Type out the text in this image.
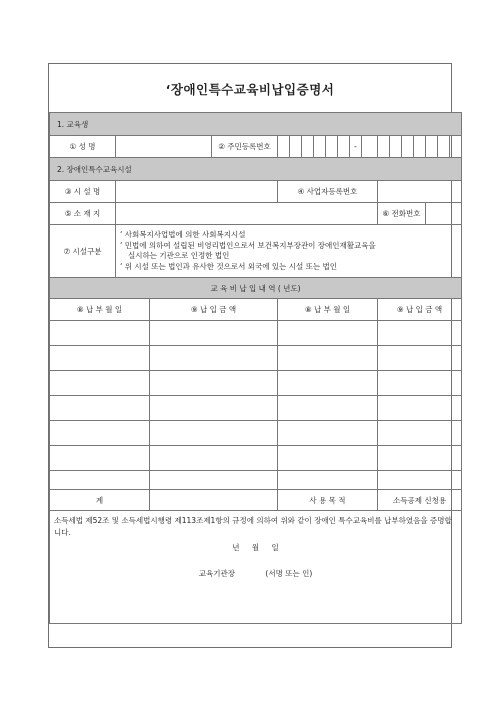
‘장애인특수교육비납입증명서
1. 교육생																		
① 성 명			② 주민등록번호							-								
2. 장애인특수교육시설																		
③ 시 설 명				④ 사업자등록번호														
⑤ 소 재 지												⑥ 전화번호						
⑦ 시설구분	‘ 사회복지사업법에 의한 사회복지시설
‘ 민법에 의하여 설립된 비영리법인으로서 보건복지부장관이 장애인재활교육을
실시하는 기관으로 인정한 법인
‘ 위 시설 또는 법인과 유사한 것으로서 외국에 있는 시설 또는 법인																	

교 육 비 납 입 내 역 ( 년도)																		
⑧ 납 부 월 일		⑨ 납 입 금 액		⑧ 납 부 월 일								⑨ 납 입 금 액						

계				사 용 목 적								소득공제 신청용						

소득세법 제52조 및 소득세법시행령 제113조제1항의 규정에 의하여 위와 같이 장애인 특수교육비를 납부하였음을 증명합니다.
년 월 일
교육기관장 (서명 또는 인)																		
